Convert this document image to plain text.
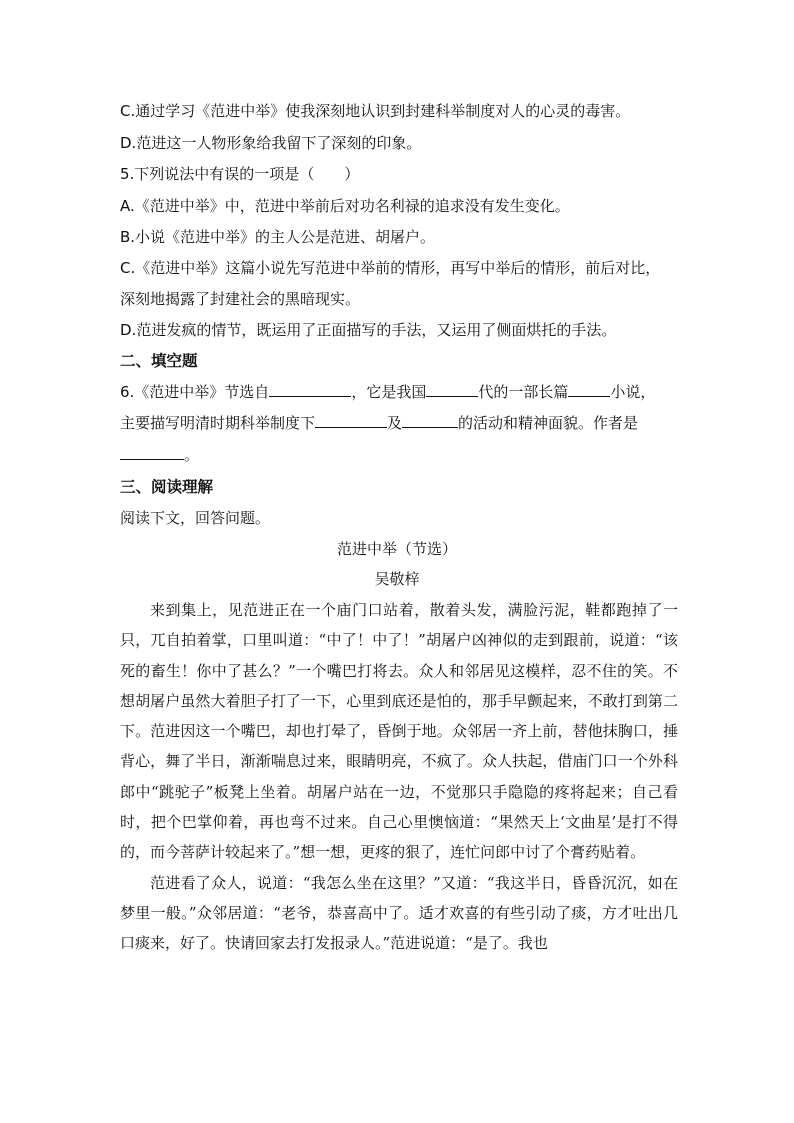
C.通过学习《范进中举》使我深刻地认识到封建科举制度对人的心灵的毒害。
D.范进这一人物形象给我留下了深刻的印象。
5.下列说法中有误的一项是（　　）
A.《范进中举》中，范进中举前后对功名利禄的追求没有发生变化。
B.小说《范进中举》的主人公是范进、胡屠户。
C.《范进中举》这篇小说先写范进中举前的情形，再写中举后的情形，前后对比，
深刻地揭露了封建社会的黑暗现实。
D.范进发疯的情节，既运用了正面描写的手法，又运用了侧面烘托的手法。
二、填空题
6.《范进中举》节选自	，它是我国	代的一部长篇	小说，
主要描写明清时期科举制度下	及	的活动和精神面貌。作者是
。
三、阅读理解
阅读下文，回答问题。
范进中举（节选）
吴敬梓

来到集上，见范进正在一个庙门口站着，散着头发，满脸污泥，鞋都跑掉了一只，兀自拍着掌，口里叫道：“中了！中了！”胡屠户凶神似的走到跟前，说道：“该死的畜生！你中了甚么？”一个嘴巴打将去。众人和邻居见这模样，忍不住的笑。不想胡屠户虽然大着胆子打了一下，心里到底还是怕的，那手早颤起来，不敢打到第二下。范进因这一个嘴巴，却也打晕了，昏倒于地。众邻居一齐上前，替他抹胸口，捶背心，舞了半日，渐渐喘息过来，眼睛明亮，不疯了。众人扶起，借庙门口一个外科郎中“跳驼子”板凳上坐着。胡屠户站在一边，不觉那只手隐隐的疼将起来；自己看时，把个巴掌仰着，再也弯不过来。自己心里懊恼道：“果然天上‘文曲星’是打不得的，而今菩萨计较起来了。”想一想，更疼的狠了，连忙问郎中讨了个膏药贴着。

范进看了众人，说道：“我怎么坐在这里？”又道：“我这半日，昏昏沉沉，如在梦里一般。”众邻居道：“老爷，恭喜高中了。适才欢喜的有些引动了痰，方才吐出几口痰来，好了。快请回家去打发报录人。”范进说道：“是了。我也
